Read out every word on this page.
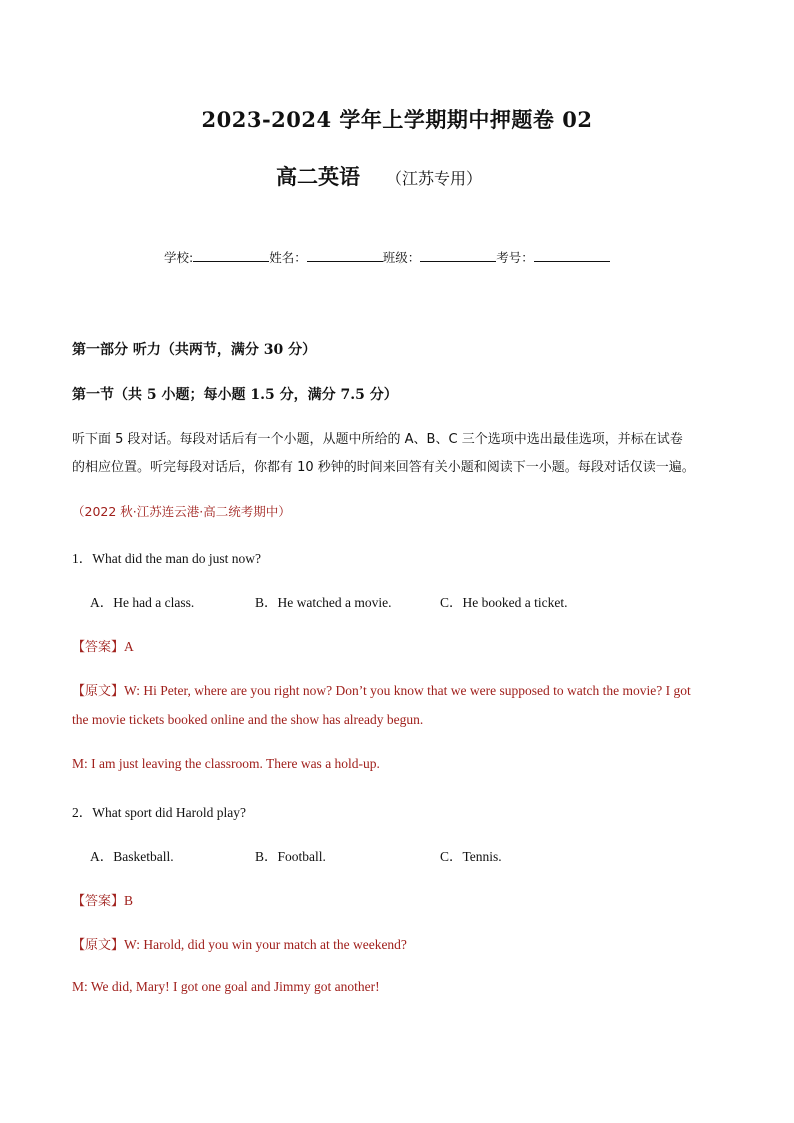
2023-2024 学年上学期期中押题卷 02
高二英语 （江苏专用）
学校:	姓名：	班级：	考号：
第一部分 听力（共两节，满分 30 分）
第一节（共 5 小题；每小题 1.5 分，满分 7.5 分）
听下面 5 段对话。每段对话后有一个小题，从题中所给的 A、B、C 三个选项中选出最佳选项，并标在试卷
的相应位置。听完每段对话后，你都有 10 秒钟的时间来回答有关小题和阅读下一小题。每段对话仅读一遍。
（2022 秋·江苏连云港·高二统考期中）
1．What did the man do just now?
A．He had a class.	B．He watched a movie.	C．He booked a ticket.
【答案】A
【原文】W: Hi Peter, where are you right now? Don’t you know that we were supposed to watch the movie? I got
the movie tickets booked online and the show has already begun.
M: I am just leaving the classroom. There was a hold-up.
2．What sport did Harold play?
A．Basketball.	B．Football.	C．Tennis.
【答案】B
【原文】W: Harold, did you win your match at the weekend?
M: We did, Mary! I got one goal and Jimmy got another!
